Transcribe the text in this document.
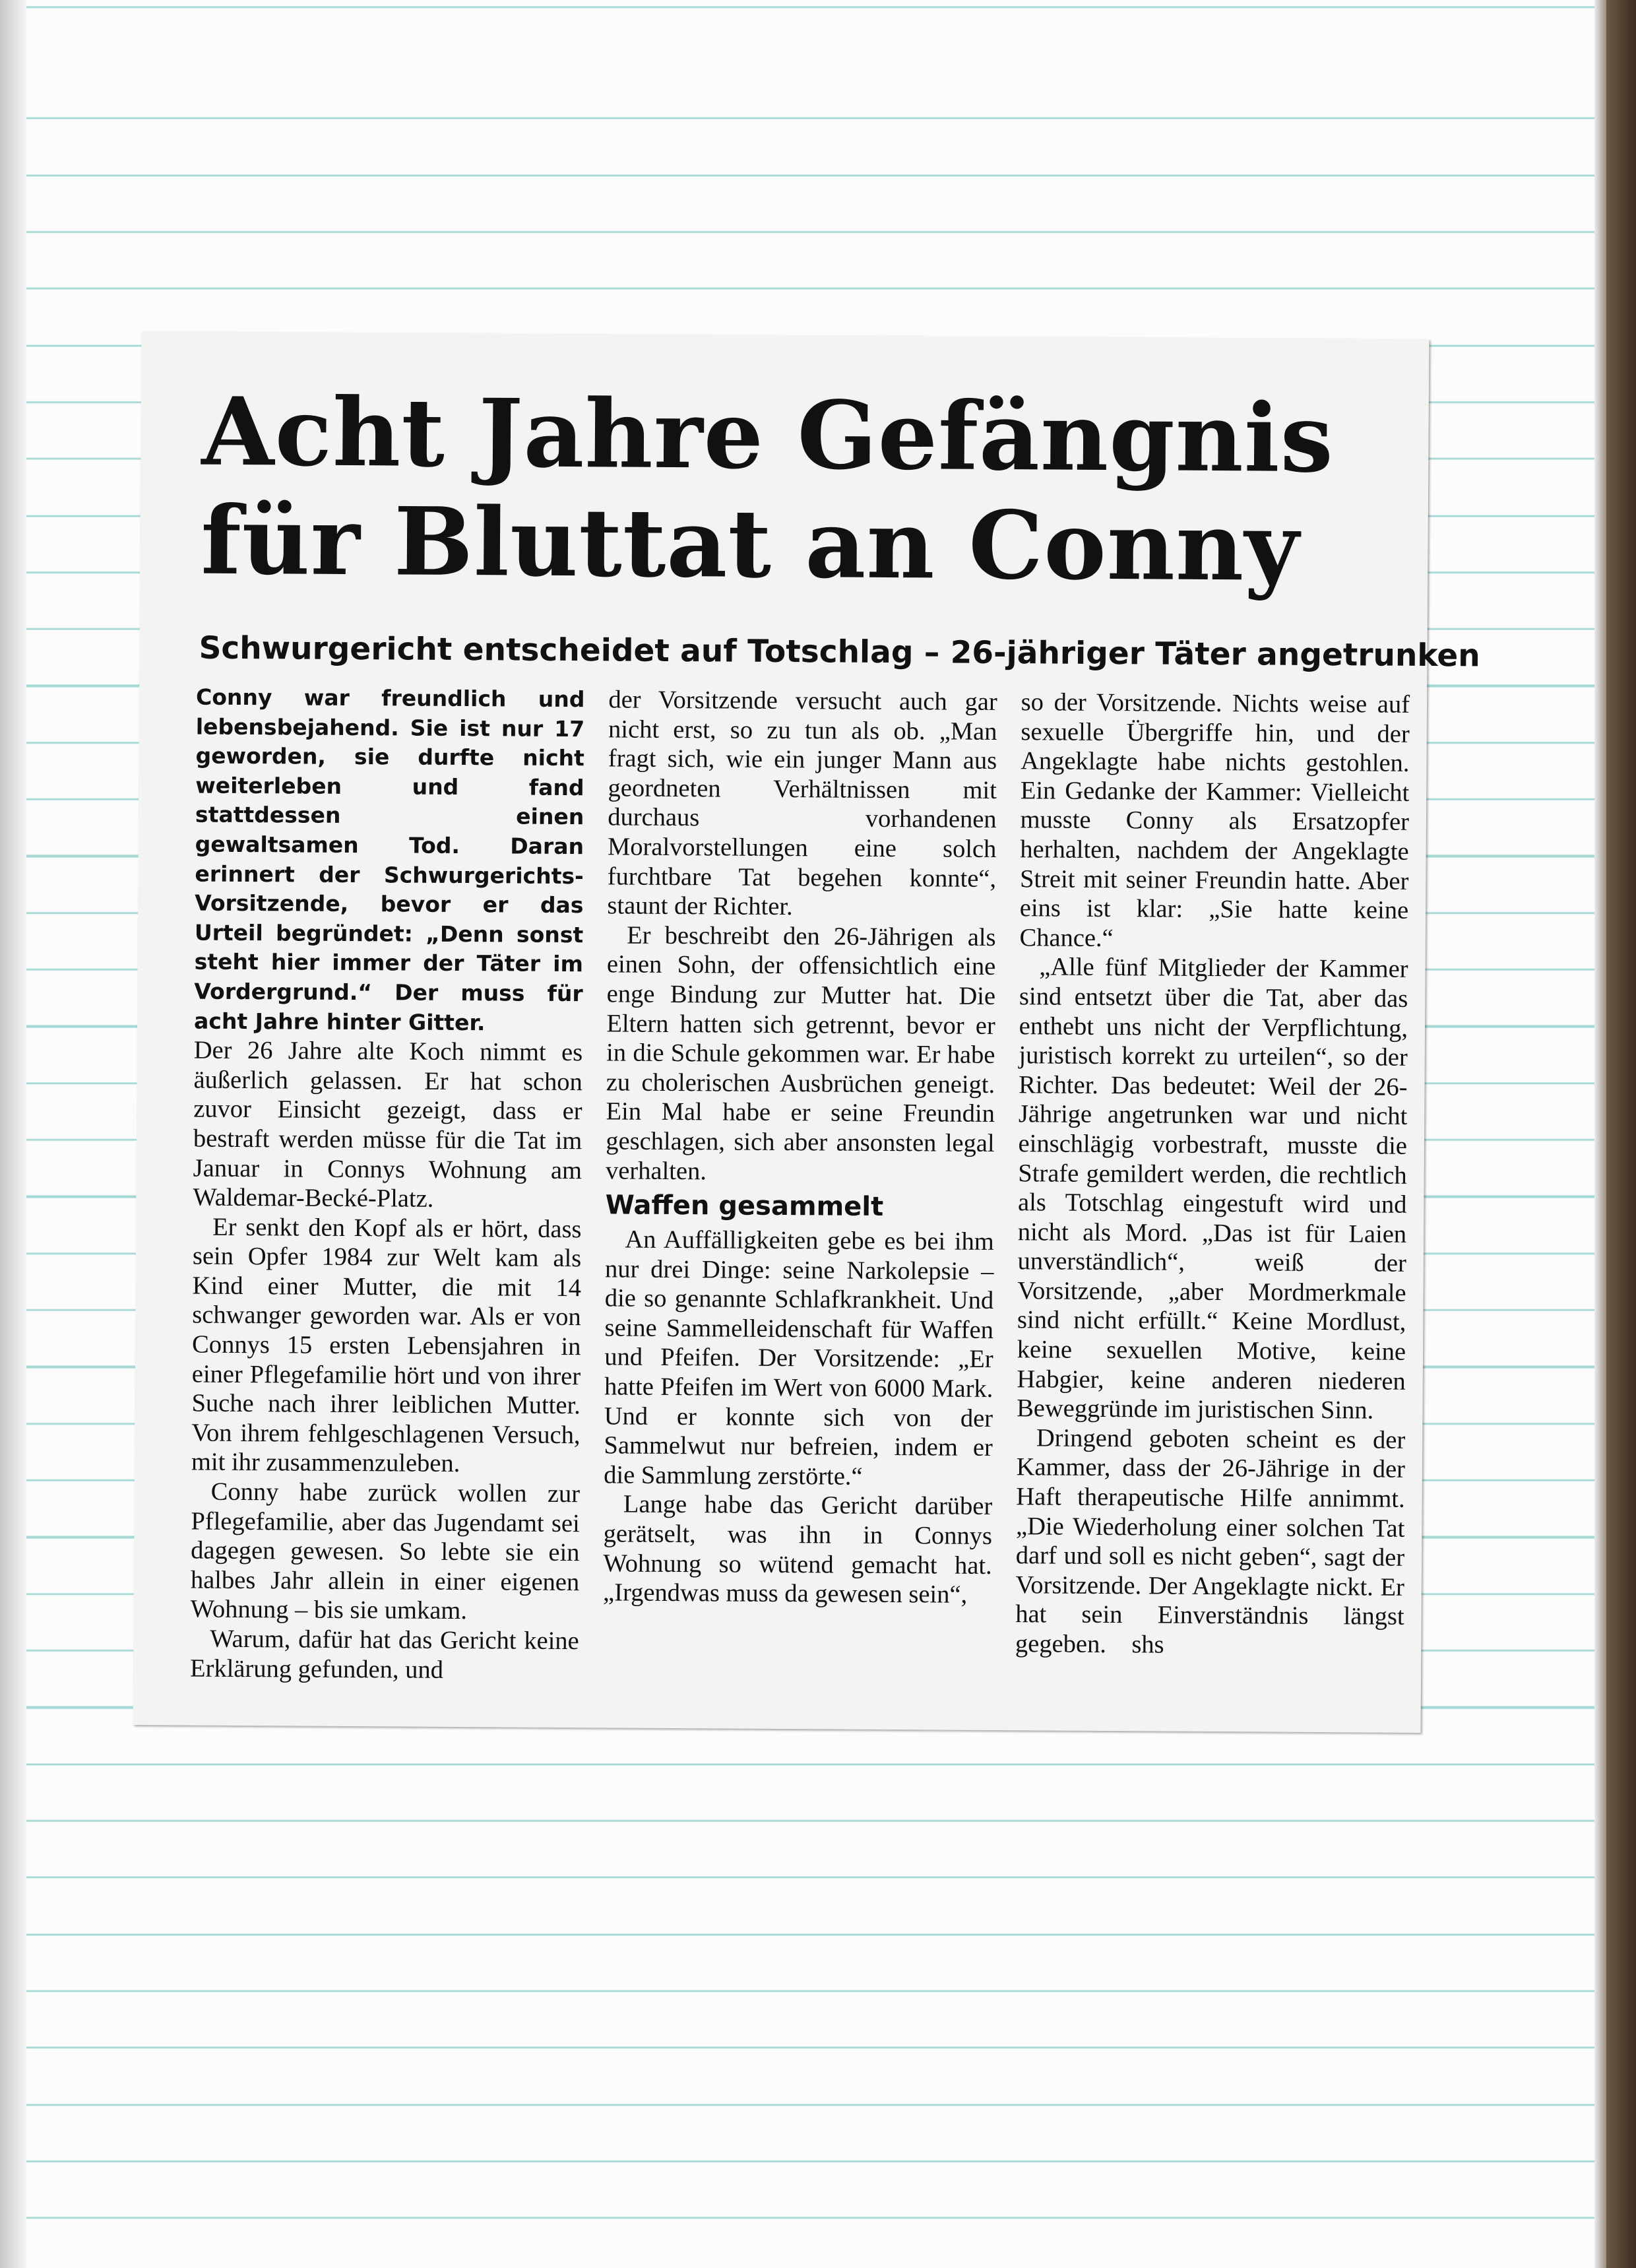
Acht Jahre Gefängnis
für Bluttat an Conny
Schwurgericht entscheidet auf Totschlag – 26-jähriger Täter angetrunken

Conny war freundlich und lebensbejahend. Sie ist nur 17 geworden, sie durfte nicht weiterleben und fand stattdessen einen gewaltsamen Tod. Daran erinnert der Schwurgerichts-Vorsitzende, bevor er das Urteil begründet: „Denn sonst steht hier immer der Täter im Vordergrund.“ Der muss für acht Jahre hinter Gitter.

Der 26 Jahre alte Koch nimmt es äußerlich gelassen. Er hat schon zuvor Einsicht gezeigt, dass er bestraft werden müsse für die Tat im Januar in Connys Wohnung am Waldemar-Becké-Platz.

Er senkt den Kopf als er hört, dass sein Opfer 1984 zur Welt kam als Kind einer Mutter, die mit 14 schwanger geworden war. Als er von Connys 15 ersten Lebensjahren in einer Pflegefamilie hört und von ihrer Suche nach ihrer leiblichen Mutter. Von ihrem fehlgeschlagenen Versuch, mit ihr zusammenzuleben.

Conny habe zurück wollen zur Pflegefamilie, aber das Jugendamt sei dagegen gewesen. So lebte sie ein halbes Jahr allein in einer eigenen Wohnung – bis sie umkam.

Warum, dafür hat das Gericht keine Erklärung gefunden, und

der Vorsitzende versucht auch gar nicht erst, so zu tun als ob. „Man fragt sich, wie ein junger Mann aus geordneten Verhältnissen mit durchaus vorhandenen Moralvorstellungen eine solch furchtbare Tat begehen konnte“, staunt der Richter.

Er beschreibt den 26-Jährigen als einen Sohn, der offensichtlich eine enge Bindung zur Mutter hat. Die Eltern hatten sich getrennt, bevor er in die Schule gekommen war. Er habe zu cholerischen Ausbrüchen geneigt. Ein Mal habe er seine Freundin geschlagen, sich aber ansonsten legal verhalten.

Waffen gesammelt

An Auffälligkeiten gebe es bei ihm nur drei Dinge: seine Narkolepsie – die so genannte Schlafkrankheit. Und seine Sammelleidenschaft für Waffen und Pfeifen. Der Vorsitzende: „Er hatte Pfeifen im Wert von 6000 Mark. Und er konnte sich von der Sammelwut nur befreien, indem er die Sammlung zerstörte.“

Lange habe das Gericht darüber gerätselt, was ihn in Connys Wohnung so wütend gemacht hat. „Irgendwas muss da gewesen sein“,

so der Vorsitzende. Nichts weise auf sexuelle Übergriffe hin, und der Angeklagte habe nichts gestohlen. Ein Gedanke der Kammer: Vielleicht musste Conny als Ersatzopfer herhalten, nachdem der Angeklagte Streit mit seiner Freundin hatte. Aber eins ist klar: „Sie hatte keine Chance.“

„Alle fünf Mitglieder der Kammer sind entsetzt über die Tat, aber das enthebt uns nicht der Verpflichtung, juristisch korrekt zu urteilen“, so der Richter. Das bedeutet: Weil der 26-Jährige angetrunken war und nicht einschlägig vorbestraft, musste die Strafe gemildert werden, die rechtlich als Totschlag eingestuft wird und nicht als Mord. „Das ist für Laien unverständlich“, weiß der Vorsitzende, „aber Mordmerkmale sind nicht erfüllt.“ Keine Mordlust, keine sexuellen Motive, keine Habgier, keine anderen niederen Beweggründe im juristischen Sinn.

Dringend geboten scheint es der Kammer, dass der 26-Jährige in der Haft therapeutische Hilfe annimmt. „Die Wiederholung einer solchen Tat darf und soll es nicht geben“, sagt der Vorsitzende. Der Angeklagte nickt. Er hat sein Einverständnis längst gegeben. shs
